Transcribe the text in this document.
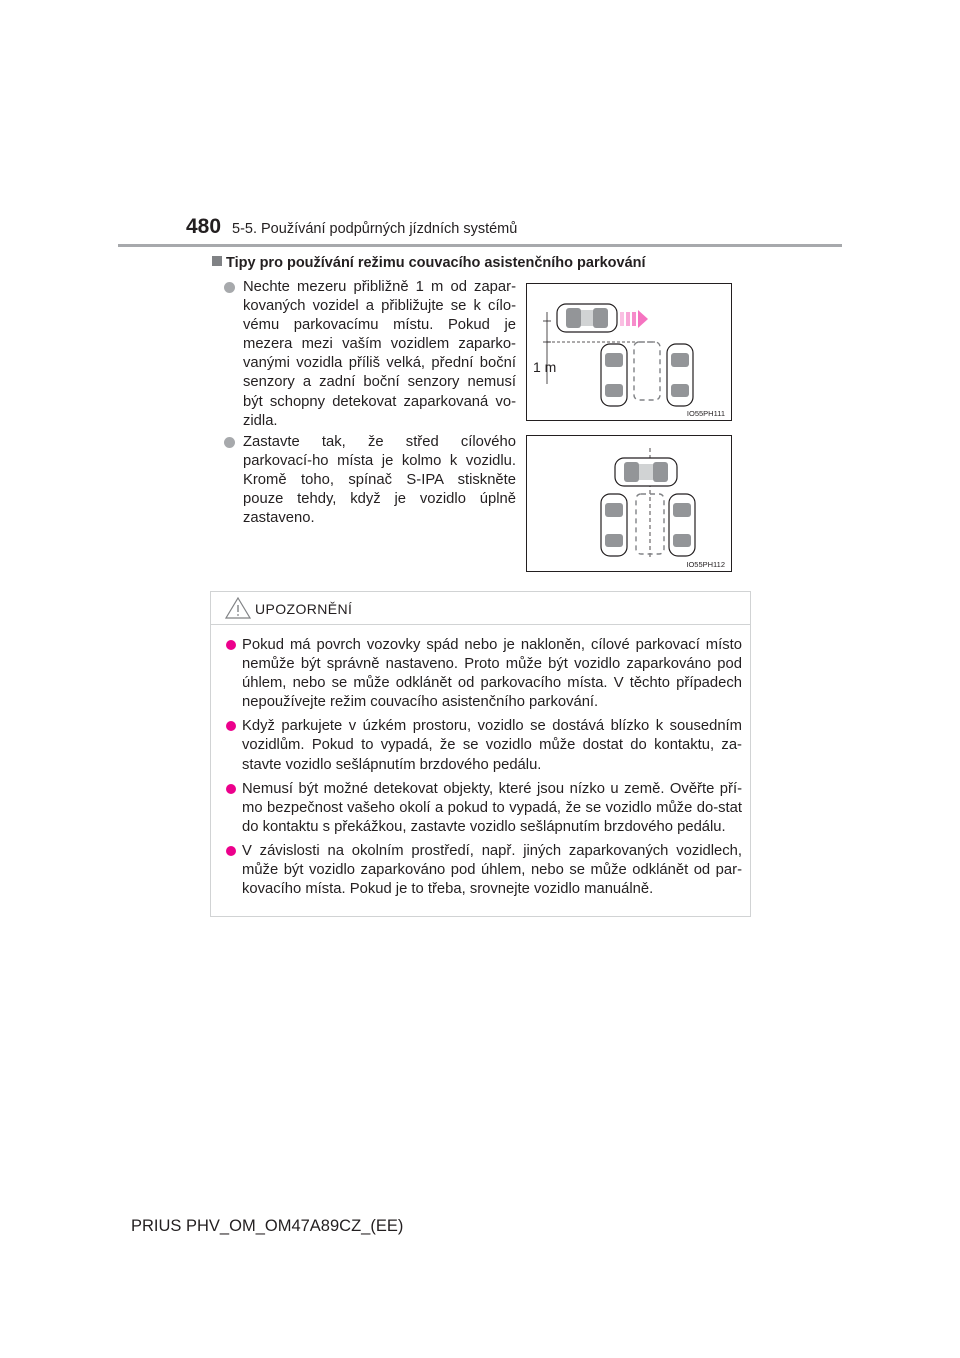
480 5-5. Používání podpůrných jízdních systémů
Tipy pro používání režimu couvacího asistenčního parkování

Nechte mezeru přibližně 1 m od zapar-kovaných vozidel a přibližujte se k cílo-vému parkovacímu místu. Pokud je mezera mezi vaším vozidlem zaparko-vanými vozidla příliš velká, přední boční senzory a zadní boční senzory nemusí být schopny detekovat zaparkovaná vo-zidla.

Zastavte tak, že střed cílového parkovací-ho místa je kolmo k vozidlu. Kromě toho, spínač S-IPA stiskněte pouze tehdy, když je vozidlo úplně zastaveno.

1 m
IO55PH111
IO55PH112
UPOZORNĚNÍ

Pokud má povrch vozovky spád nebo je nakloněn, cílové parkovací místo nemůže být správně nastaveno. Proto může být vozidlo zaparkováno pod úhlem, nebo se může odklánět od parkovacího místa. V těchto případech nepoužívejte režim couvacího asistenčního parkování.

Když parkujete v úzkém prostoru, vozidlo se dostává blízko k sousedním vozidlům. Pokud to vypadá, že se vozidlo může dostat do kontaktu, za-stavte vozidlo sešlápnutím brzdového pedálu.

Nemusí být možné detekovat objekty, které jsou nízko u země. Ověřte pří-mo bezpečnost vašeho okolí a pokud to vypadá, že se vozidlo může do-stat do kontaktu s překážkou, zastavte vozidlo sešlápnutím brzdového pedálu.

V závislosti na okolním prostředí, např. jiných zaparkovaných vozidlech, může být vozidlo zaparkováno pod úhlem, nebo se může odklánět od par-kovacího místa. Pokud je to třeba, srovnejte vozidlo manuálně.

PRIUS PHV_OM_OM47A89CZ_(EE)
